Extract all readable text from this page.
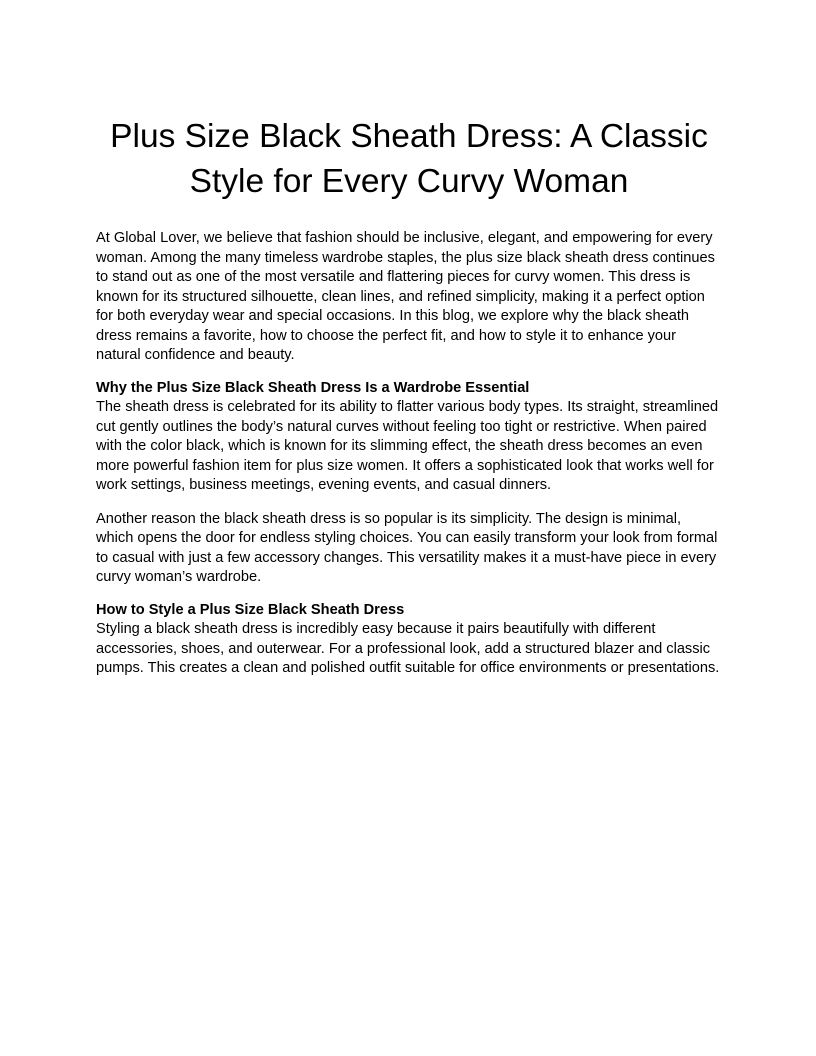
Plus Size Black Sheath Dress: A Classic
Style for Every Curvy Woman

At Global Lover, we believe that fashion should be inclusive, elegant, and empowering for every woman. Among the many timeless wardrobe staples, the plus size black sheath dress continues to stand out as one of the most versatile and flattering pieces for curvy women. This dress is known for its structured silhouette, clean lines, and refined simplicity, making it a perfect option for both everyday wear and special occasions. In this blog, we explore why the black sheath dress remains a favorite, how to choose the perfect fit, and how to style it to enhance your natural confidence and beauty.

Why the Plus Size Black Sheath Dress Is a Wardrobe Essential
The sheath dress is celebrated for its ability to flatter various body types. Its straight, streamlined cut gently outlines the body’s natural curves without feeling too tight or restrictive. When paired with the color black, which is known for its slimming effect, the sheath dress becomes an even more powerful fashion item for plus size women. It offers a sophisticated look that works well for work settings, business meetings, evening events, and casual dinners.

Another reason the black sheath dress is so popular is its simplicity. The design is minimal, which opens the door for endless styling choices. You can easily transform your look from formal to casual with just a few accessory changes. This versatility makes it a must-have piece in every curvy woman’s wardrobe.

How to Style a Plus Size Black Sheath Dress
Styling a black sheath dress is incredibly easy because it pairs beautifully with different accessories, shoes, and outerwear. For a professional look, add a structured blazer and classic pumps. This creates a clean and polished outfit suitable for office environments or presentations.
